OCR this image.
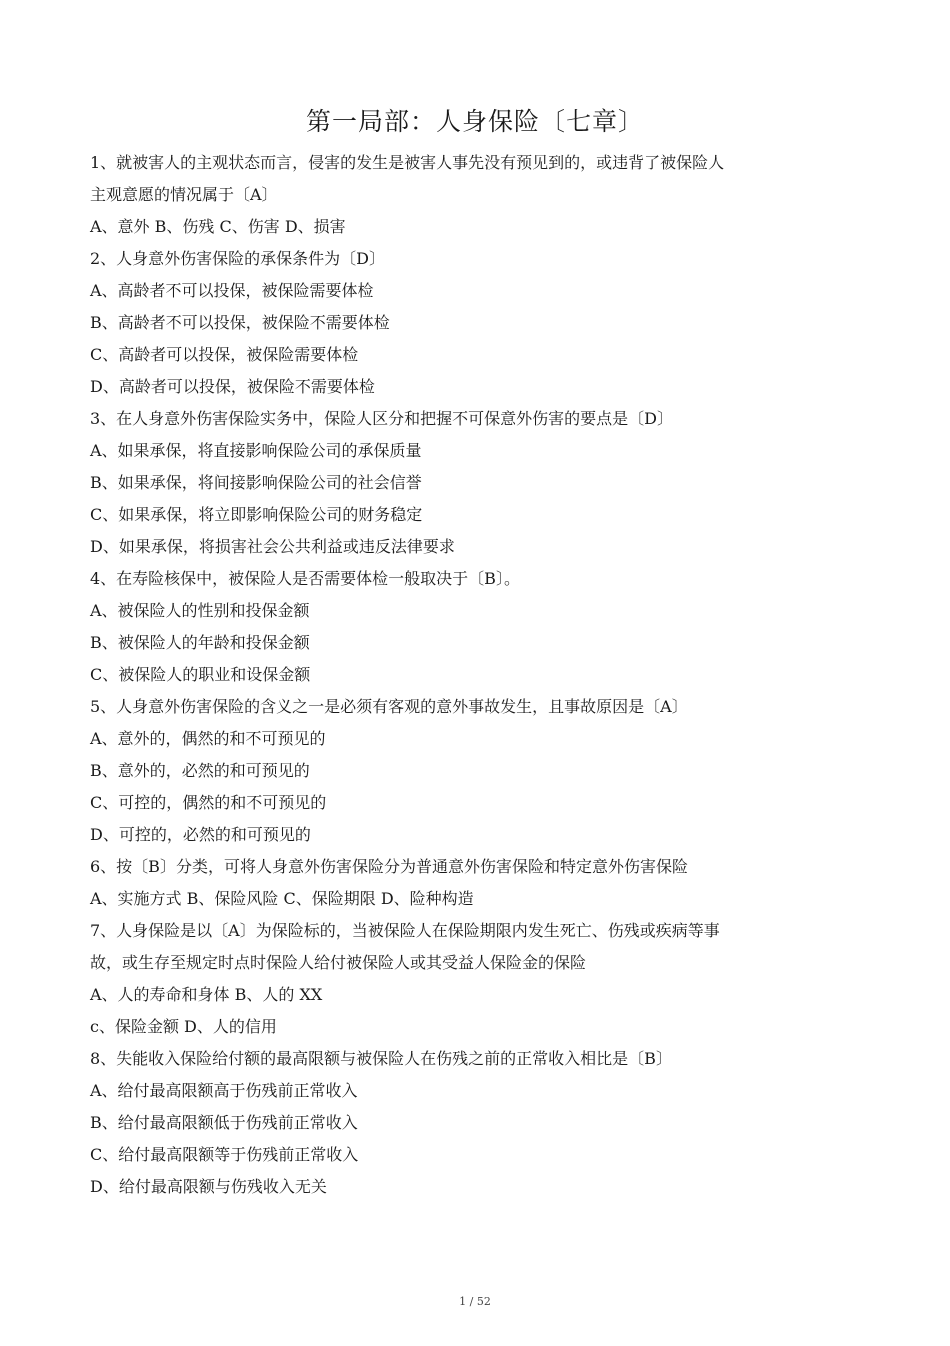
第一局部：人身保险〔七章〕
1、就被害人的主观状态而言，侵害的发生是被害人事先没有预见到的，或违背了被保险人
主观意愿的情况属于〔A〕
A、意外 B、伤残 C、伤害 D、损害
2、人身意外伤害保险的承保条件为〔D〕
A、高龄者不可以投保，被保险需要体检
B、高龄者不可以投保，被保险不需要体检
C、高龄者可以投保，被保险需要体检
D、高龄者可以投保，被保险不需要体检
3、在人身意外伤害保险实务中，保险人区分和把握不可保意外伤害的要点是〔D〕
A、如果承保，将直接影响保险公司的承保质量
B、如果承保，将间接影响保险公司的社会信誉
C、如果承保，将立即影响保险公司的财务稳定
D、如果承保，将损害社会公共利益或违反法律要求
4、在寿险核保中，被保险人是否需要体检一般取决于〔B〕。
A、被保险人的性别和投保金额
B、被保险人的年龄和投保金额
C、被保险人的职业和设保金额
5、人身意外伤害保险的含义之一是必须有客观的意外事故发生，且事故原因是〔A〕
A、意外的，偶然的和不可预见的
B、意外的，必然的和可预见的
C、可控的，偶然的和不可预见的
D、可控的，必然的和可预见的
6、按〔B〕分类，可将人身意外伤害保险分为普通意外伤害保险和特定意外伤害保险
A、实施方式 B、保险风险 C、保险期限 D、险种构造
7、人身保险是以〔A〕为保险标的，当被保险人在保险期限内发生死亡、伤残或疾病等事
故，或生存至规定时点时保险人给付被保险人或其受益人保险金的保险
A、人的寿命和身体 B、人的 XX
c、保险金额 D、人的信用
8、失能收入保险给付额的最高限额与被保险人在伤残之前的正常收入相比是〔B〕
A、给付最高限额高于伤残前正常收入
B、给付最高限额低于伤残前正常收入
C、给付最高限额等于伤残前正常收入
D、给付最高限额与伤残收入无关
1 / 52
